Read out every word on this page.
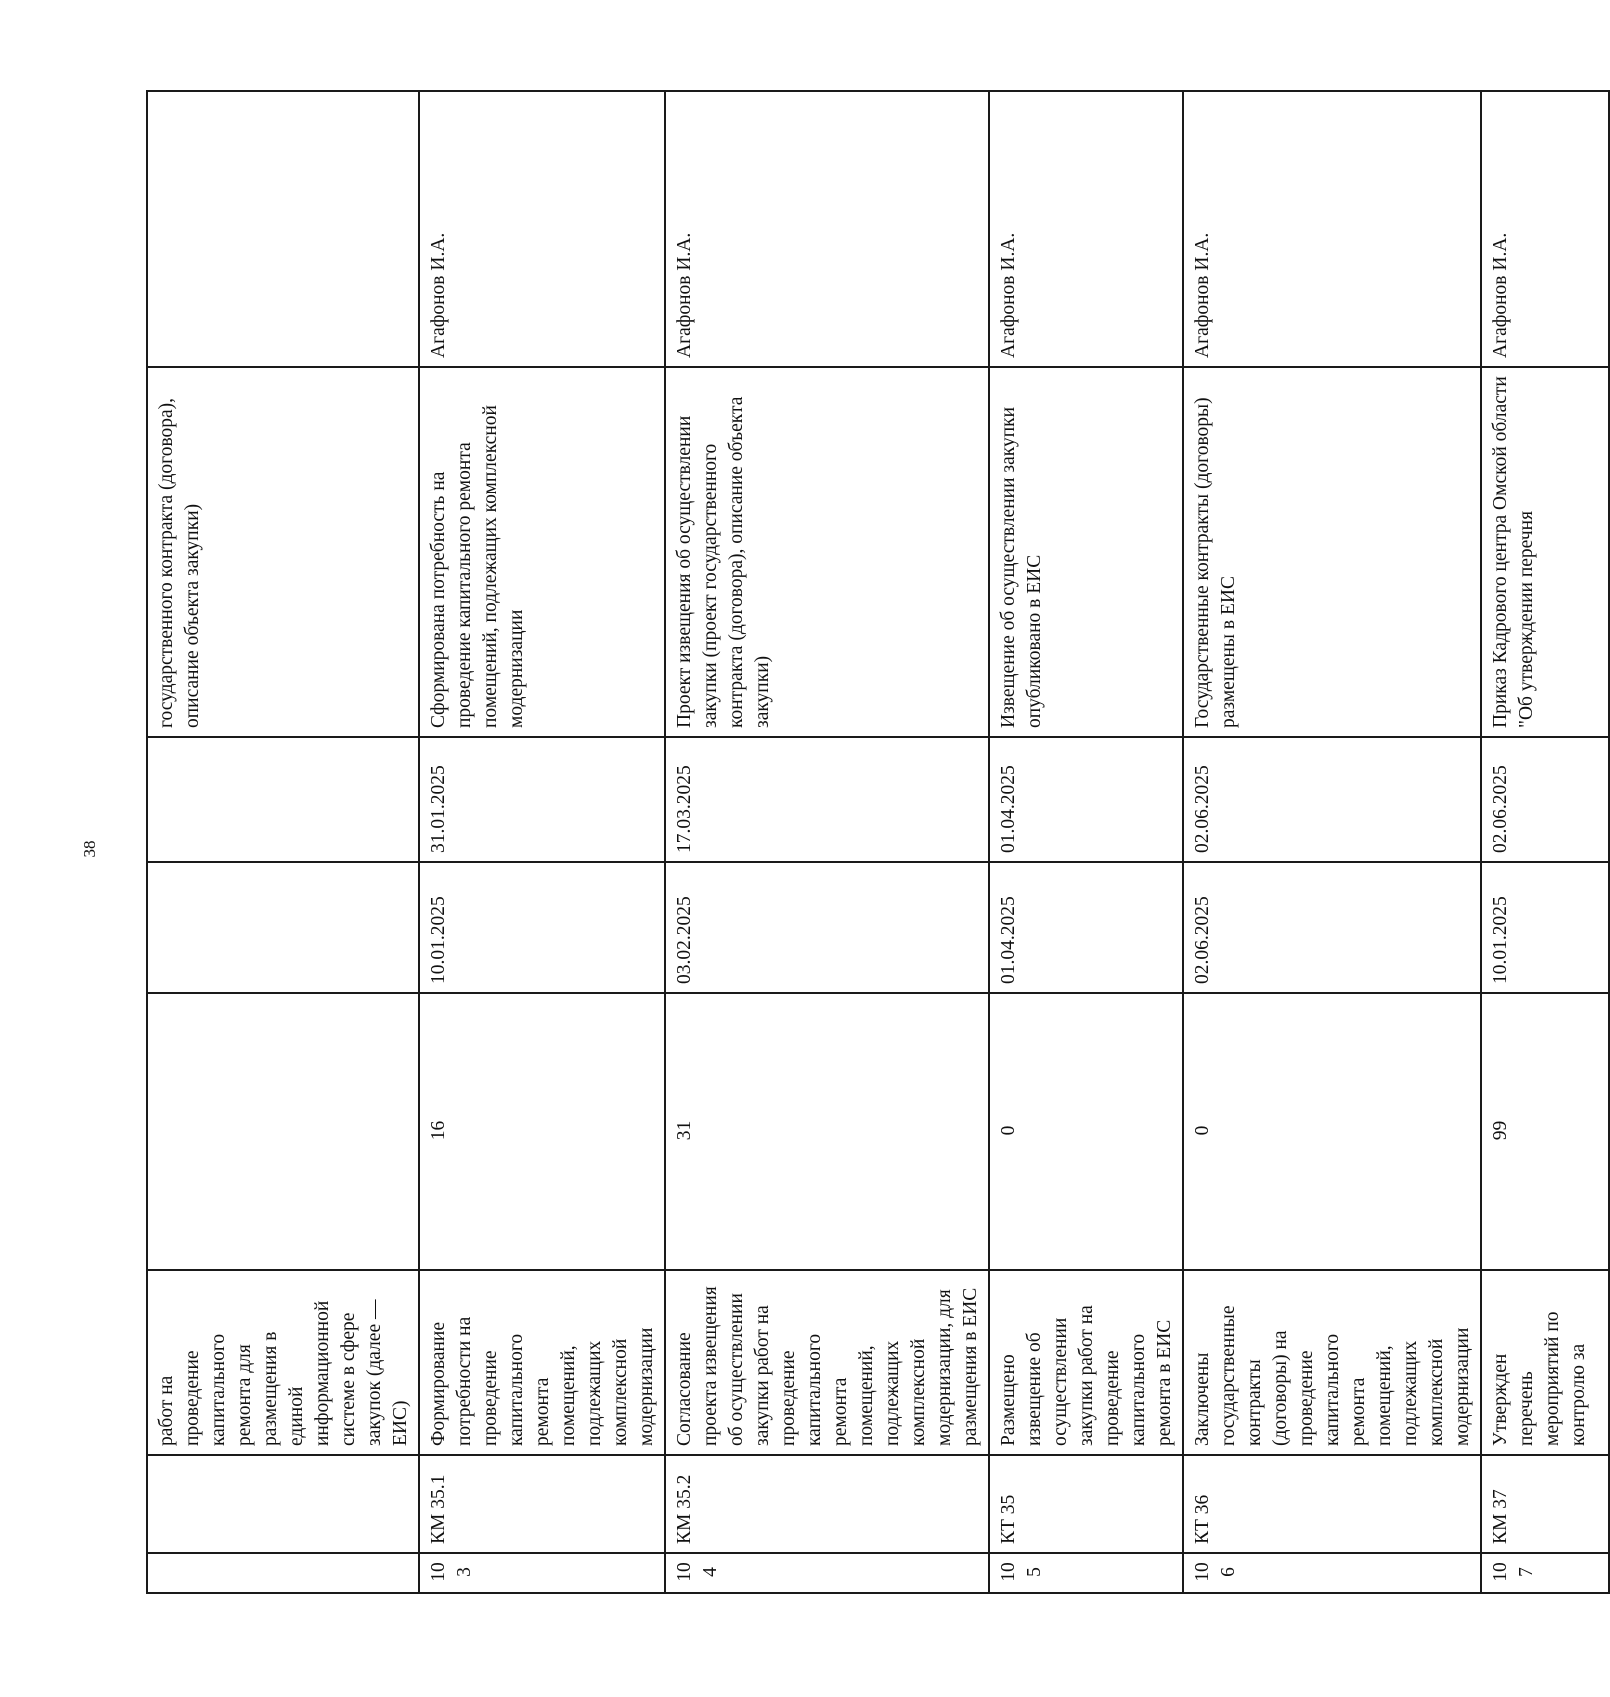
38
		работ на проведение капитального ремонта для размещения в единой информационной системе в сфере закупок (далее — ЕИС)				государственного контракта (договора), описание объекта закупки)	
103	КМ 35.1	Формирование потребности на проведение капитального ремонта помещений, подлежащих комплексной модернизации	16	10.01.2025	31.01.2025	Сформирована потребность на проведение капитального ремонта помещений, подлежащих комплексной модернизации	Агафонов И.А.
104	КМ 35.2	Согласование проекта извещения об осуществлении закупки работ на проведение капитального ремонта помещений, подлежащих комплексной модернизации, для размещения в ЕИС	31	03.02.2025	17.03.2025	Проект извещения об осуществлении закупки (проект государственного контракта (договора), описание объекта закупки)	Агафонов И.А.
105	КТ 35	Размещено извещение об осуществлении закупки работ на проведение капитального ремонта в ЕИС	0	01.04.2025	01.04.2025	Извещение об осуществлении закупки опубликовано в ЕИС	Агафонов И.А.
106	КТ 36	Заключены государственные контракты (договоры) на проведение капитального ремонта помещений, подлежащих комплексной модернизации	0	02.06.2025	02.06.2025	Государственные контракты (договоры) размещены в ЕИС	Агафонов И.А.
107	КМ 37	Утвержден перечень мероприятий по контролю за	99	10.01.2025	02.06.2025	Приказ Кадрового центра Омской области "Об утверждении перечня	Агафонов И.А.
